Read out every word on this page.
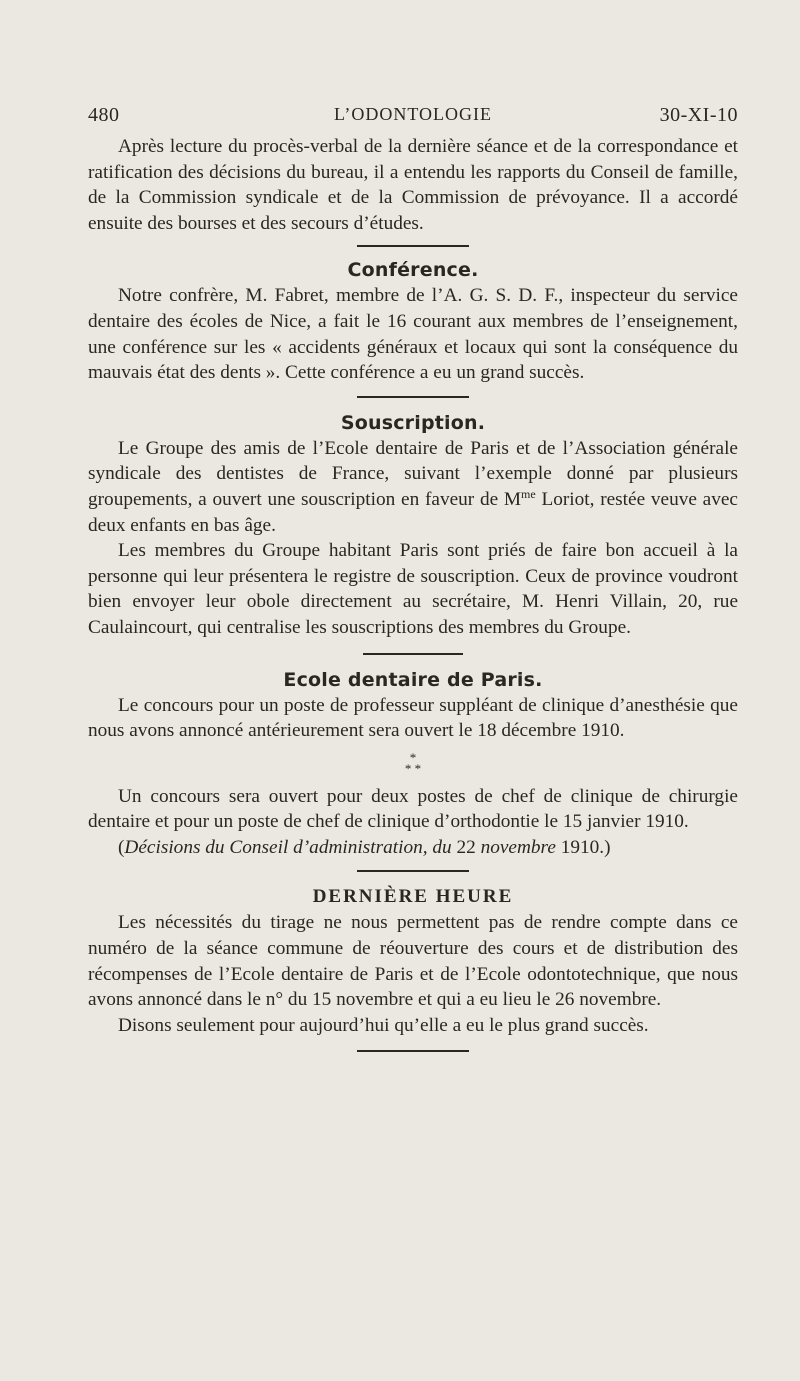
480	L’ODONTOLOGIE	30-XI-10

Après lecture du procès-verbal de la dernière séance et de la correspondance et ratification des décisions du bureau, il a entendu les rapports du Conseil de famille, de la Commission syndicale et de la Commission de prévoyance. Il a accordé ensuite des bourses et des secours d’études.

Conférence.

Notre confrère, M. Fabret, membre de l’A. G. S. D. F., inspecteur du service dentaire des écoles de Nice, a fait le 16 courant aux membres de l’enseignement, une conférence sur les « accidents généraux et locaux qui sont la conséquence du mauvais état des dents ». Cette conférence a eu un grand succès.

Souscription.

Le Groupe des amis de l’Ecole dentaire de Paris et de l’Association générale syndicale des dentistes de France, suivant l’exemple donné par plusieurs groupements, a ouvert une souscription en faveur de $M^{me}$ Loriot, restée veuve avec deux enfants en bas âge.

Les membres du Groupe habitant Paris sont priés de faire bon accueil à la personne qui leur présentera le registre de souscription. Ceux de province voudront bien envoyer leur obole directement au secrétaire, M. Henri Villain, 20, rue Caulaincourt, qui centralise les souscriptions des membres du Groupe.

Ecole dentaire de Paris.

Le concours pour un poste de professeur suppléant de clinique d’anesthésie que nous avons annoncé antérieurement sera ouvert le 18 décembre 1910.

*
* *

Un concours sera ouvert pour deux postes de chef de clinique de chirurgie dentaire et pour un poste de chef de clinique d’orthodontie le 15 janvier 1910.

(Décisions du Conseil d’administration, du 22 novembre 1910.)

DERNIÈRE HEURE

Les nécessités du tirage ne nous permettent pas de rendre compte dans ce numéro de la séance commune de réouverture des cours et de distribution des récompenses de l’Ecole dentaire de Paris et de l’Ecole odontotechnique, que nous avons annoncé dans le n° du 15 novembre et qui a eu lieu le 26 novembre.

Disons seulement pour aujourd’hui qu’elle a eu le plus grand succès.
